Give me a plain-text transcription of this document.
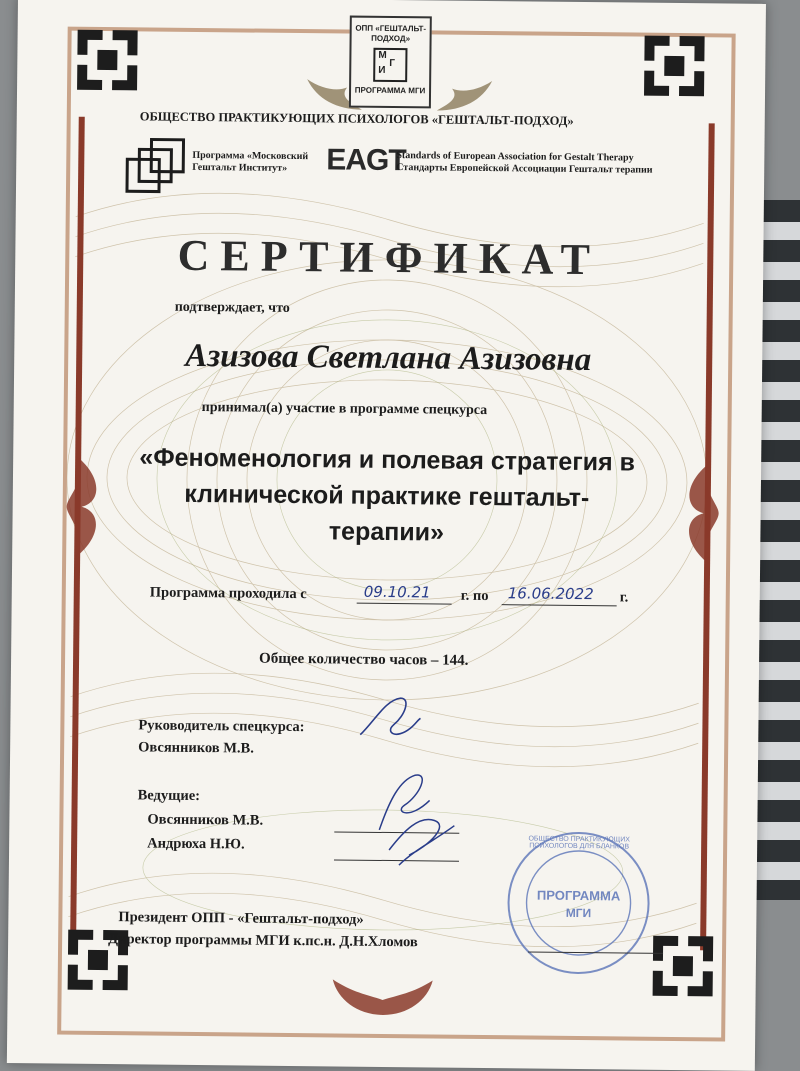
ОПП «ГЕШТАЛЬТ-ПОДХОД»
М
Г
И
ПРОГРАММА МГИ
ОБЩЕСТВО ПРАКТИКУЮЩИХ ПСИХОЛОГОВ «ГЕШТАЛЬТ-ПОДХОД»
Программа «Московский
Гештальт Институт»	EAGT
Standards of European Association for Gestalt Therapy
Стандарты Европейской Ассоциации Гештальт терапии
СЕРТИФИКАТ
подтверждает, что
Азизова Светлана Азизовна
принимал(а) участие в программе спецкурса
«Феноменология и полевая стратегия в
клинической практике гештальт-
терапии»
Программа проходила с	09.10.21 г. по 16.06.2022 г.
Общее количество часов – 144.
Руководитель спецкурса:
Овсянников М.В.
Ведущие:
Овсянников М.В.
Андрюха Н.Ю.
Президент ОПП - «Гештальт-подход»
Директор программы МГИ к.пс.н. Д.Н.Хломов
ОБЩЕСТВО ПРАКТИКУЮЩИХ ПСИХОЛОГОВ ДЛЯ БЛАНКОВ
ПРОГРАММА
МГИ
